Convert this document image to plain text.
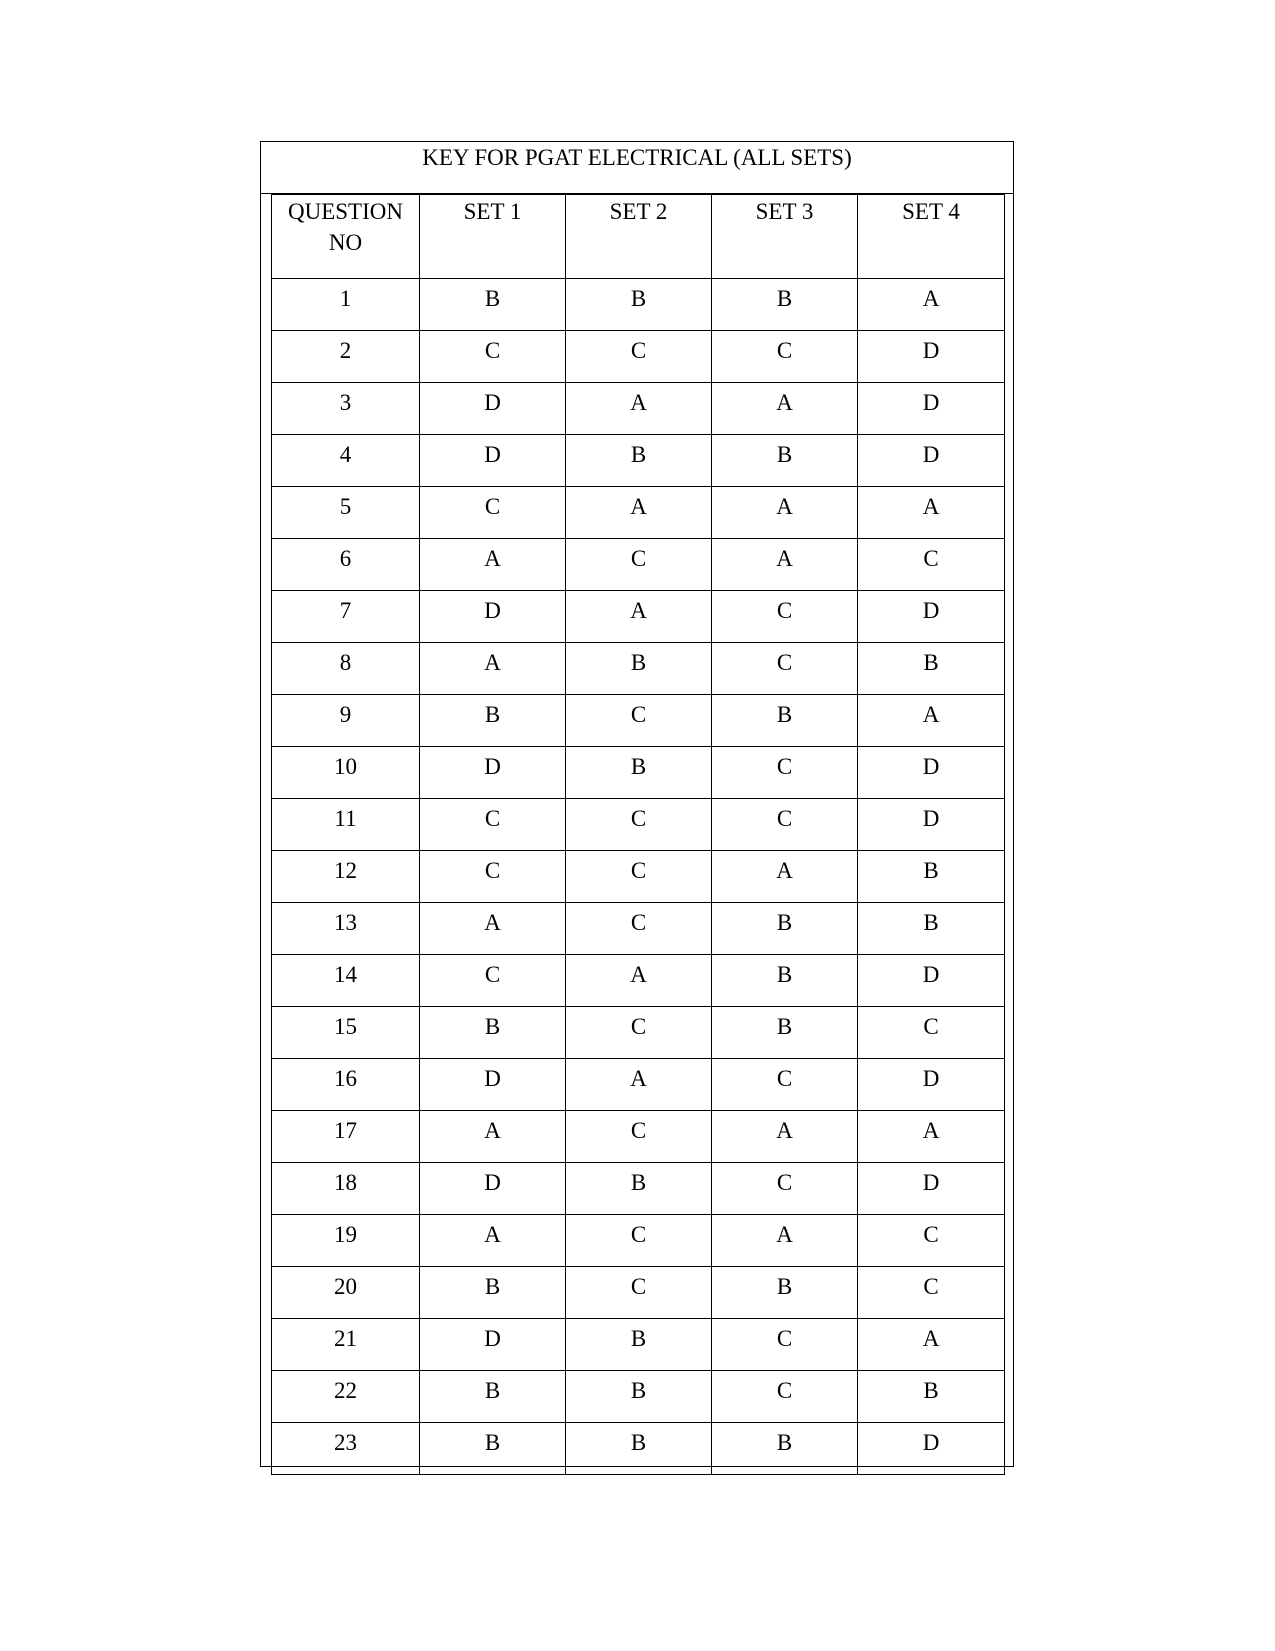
KEY FOR PGAT ELECTRICAL (ALL SETS)
QUESTION NO	SET 1	SET 2	SET 3	SET 4
1	B	B	B	A
2	C	C	C	D
3	D	A	A	D
4	D	B	B	D
5	C	A	A	A
6	A	C	A	C
7	D	A	C	D
8	A	B	C	B
9	B	C	B	A
10	D	B	C	D
11	C	C	C	D
12	C	C	A	B
13	A	C	B	B
14	C	A	B	D
15	B	C	B	C
16	D	A	C	D
17	A	C	A	A
18	D	B	C	D
19	A	C	A	C
20	B	C	B	C
21	D	B	C	A
22	B	B	C	B
23	B	B	B	D
